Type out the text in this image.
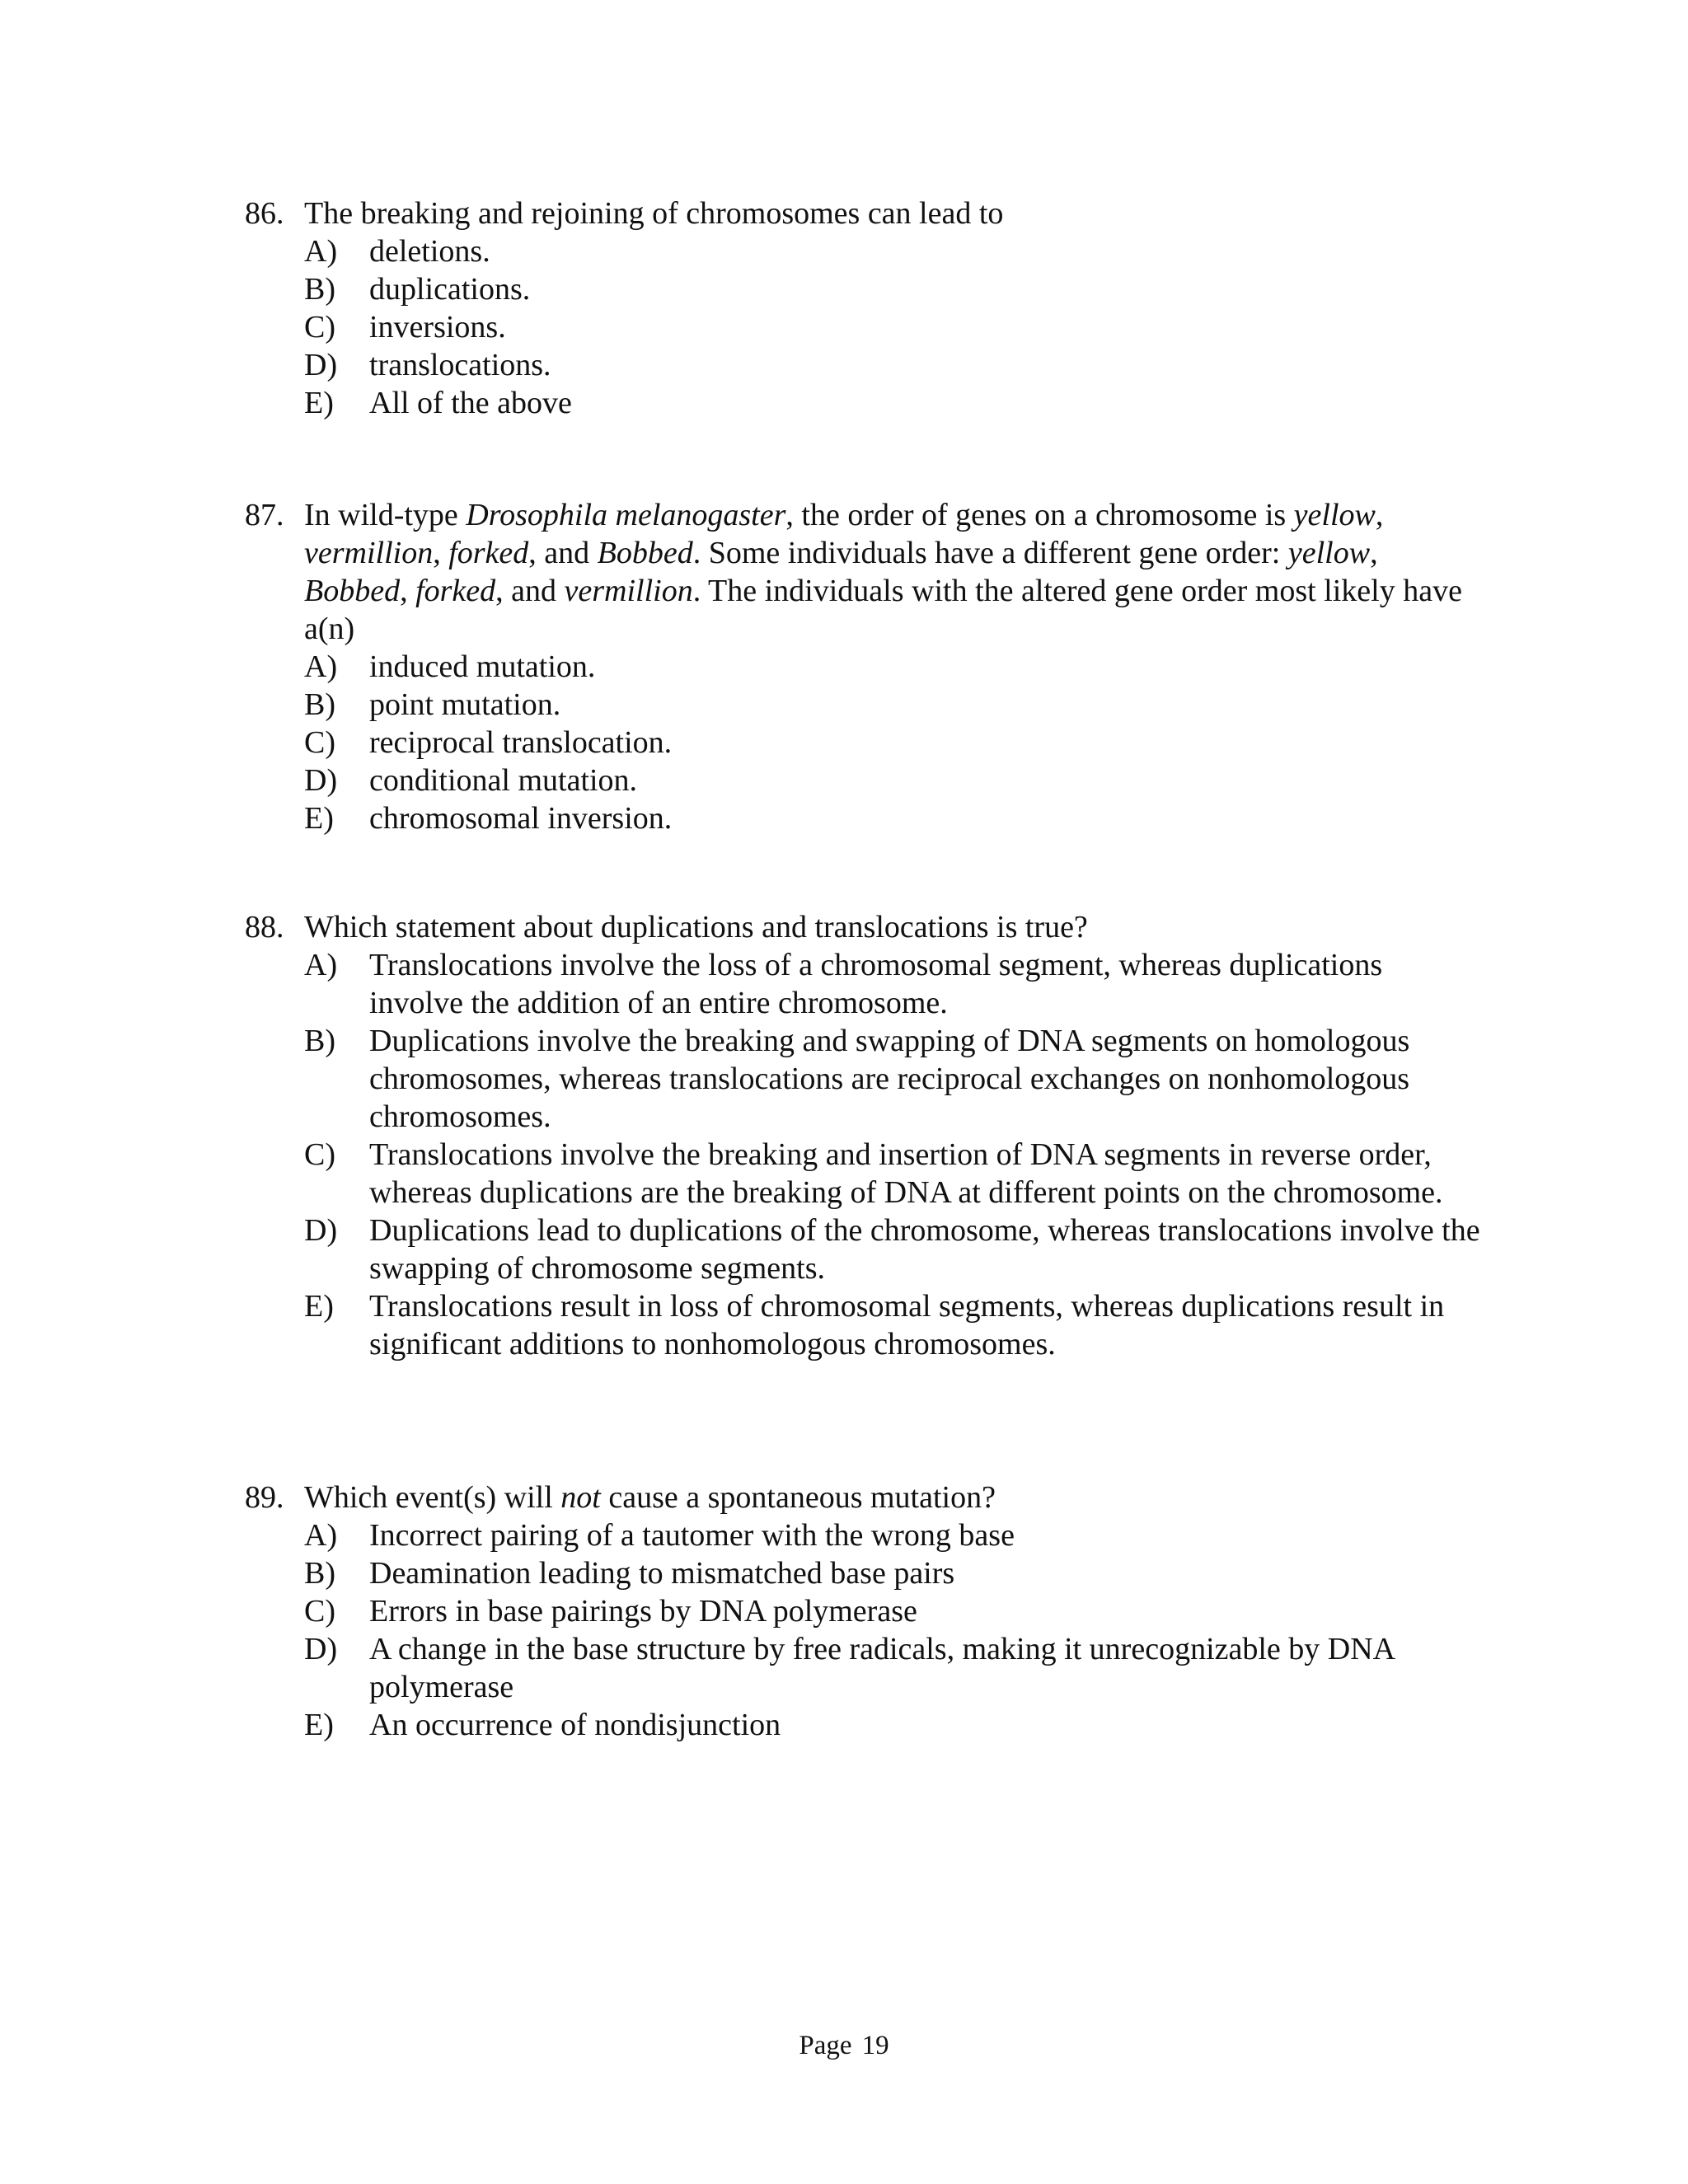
86. The breaking and rejoining of chromosomes can lead to
A) deletions.
B) duplications.
C) inversions.
D) translocations.
E) All of the above
87. In wild-type Drosophila melanogaster, the order of genes on a chromosome is yellow, vermillion, forked, and Bobbed. Some individuals have a different gene order: yellow, Bobbed, forked, and vermillion. The individuals with the altered gene order most likely have a(n)
A) induced mutation.
B) point mutation.
C) reciprocal translocation.
D) conditional mutation.
E) chromosomal inversion.
88. Which statement about duplications and translocations is true?
A) Translocations involve the loss of a chromosomal segment, whereas duplications involve the addition of an entire chromosome.
B) Duplications involve the breaking and swapping of DNA segments on homologous chromosomes, whereas translocations are reciprocal exchanges on nonhomologous chromosomes.
C) Translocations involve the breaking and insertion of DNA segments in reverse order, whereas duplications are the breaking of DNA at different points on the chromosome.
D) Duplications lead to duplications of the chromosome, whereas translocations involve the swapping of chromosome segments.
E) Translocations result in loss of chromosomal segments, whereas duplications result in significant additions to nonhomologous chromosomes.
89. Which event(s) will not cause a spontaneous mutation?
A) Incorrect pairing of a tautomer with the wrong base
B) Deamination leading to mismatched base pairs
C) Errors in base pairings by DNA polymerase
D) A change in the base structure by free radicals, making it unrecognizable by DNA polymerase
E) An occurrence of nondisjunction
Page 19
